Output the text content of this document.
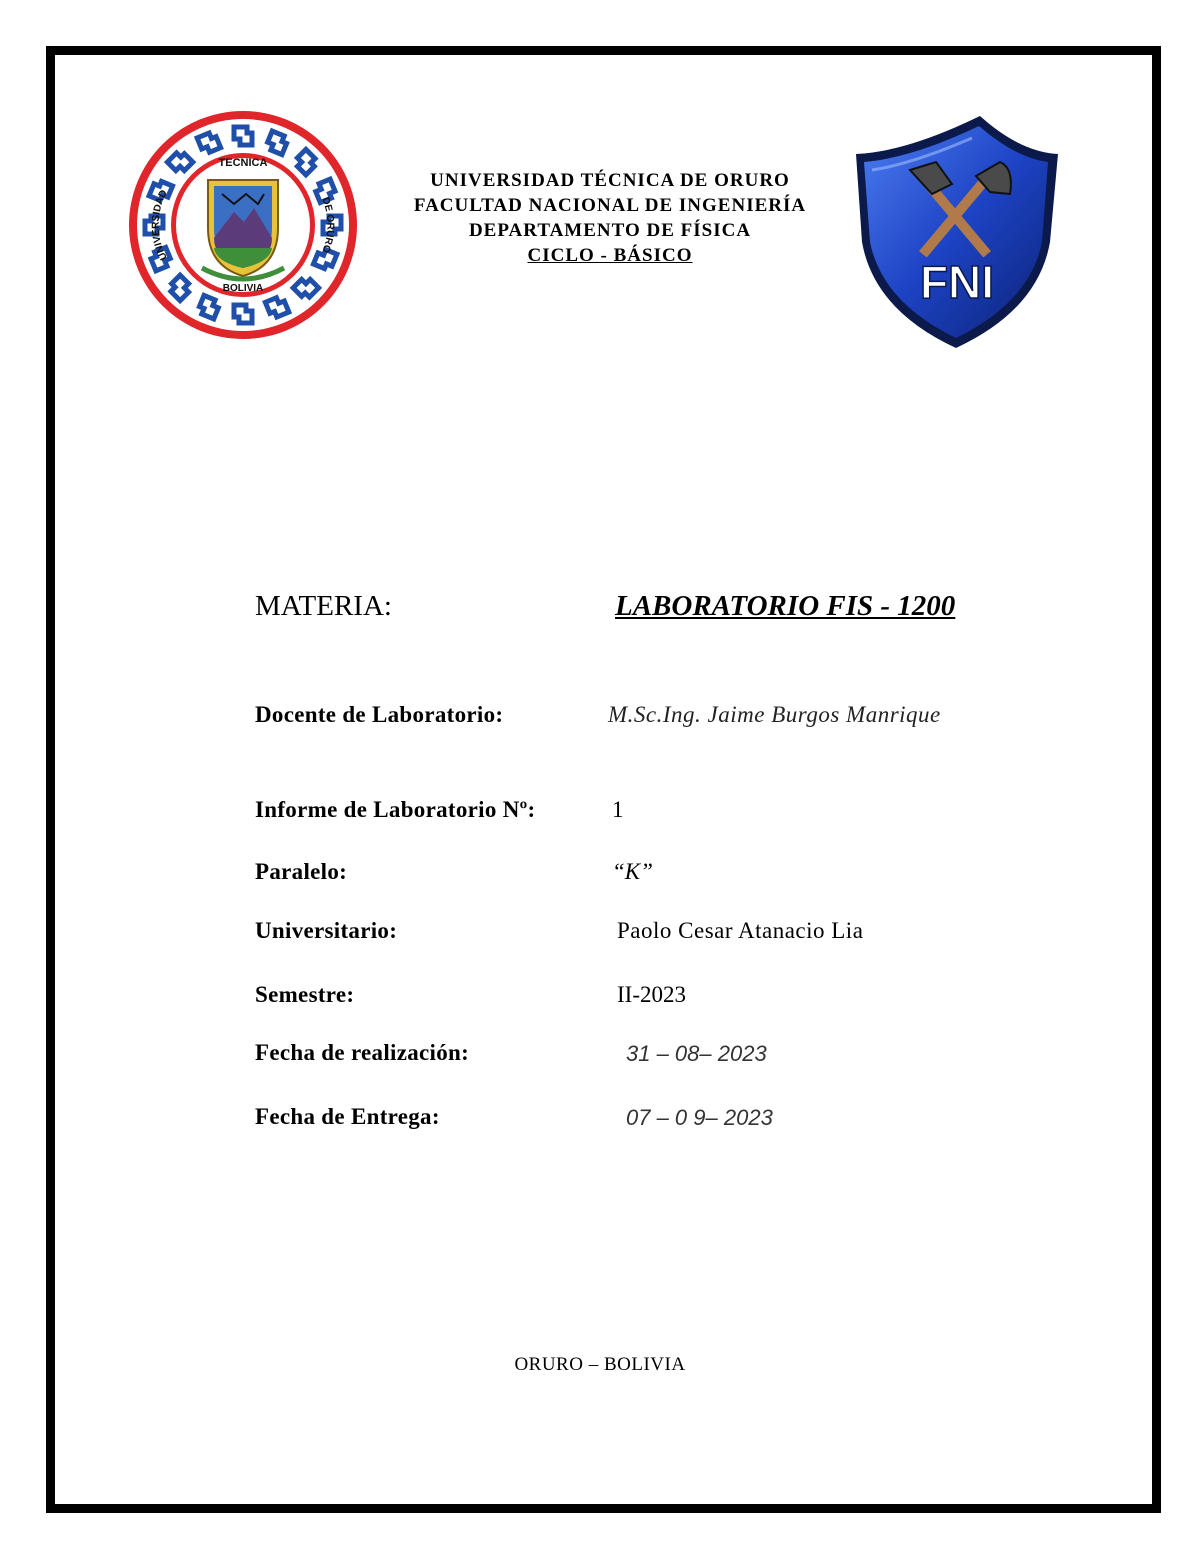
UNIVERSIDAD
DE ORURO
TECNICA
BOLIVIA
UNIVERSIDAD TÉCNICA DE ORURO
FACULTAD NACIONAL DE INGENIERÍA
DEPARTAMENTO DE FÍSICA
CICLO - BÁSICO
FNI
MATERIA:	LABORATORIO FIS - 1200
Docente de Laboratorio:	M.Sc.Ing. Jaime Burgos Manrique
Informe de Laboratorio Nº:	1
Paralelo:	“K”
Universitario:	Paolo Cesar Atanacio Lia
Semestre:	II-2023
Fecha de realización:	31 – 08– 2023
Fecha de Entrega:	07 – 0 9– 2023
ORURO – BOLIVIA
